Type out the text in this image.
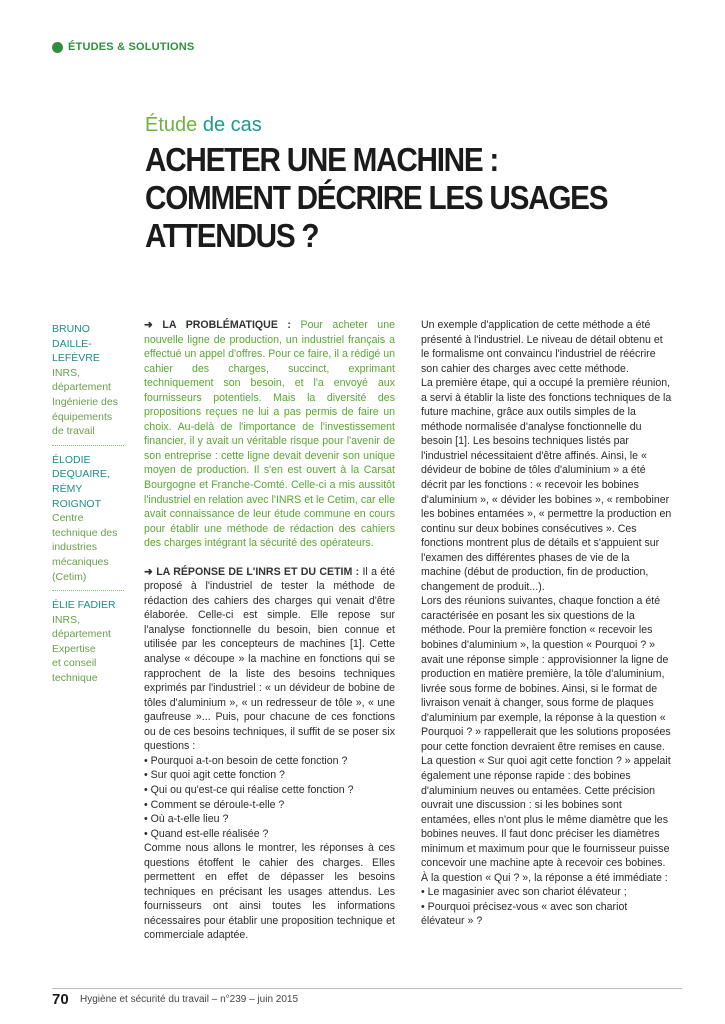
ÉTUDES & SOLUTIONS
Étude de cas
ACHETER UNE MACHINE :
COMMENT DÉCRIRE LES USAGES
ATTENDUS ?
BRUNO
DAILLE-
LEFÈVRE
INRS,
département
Ingénierie des
équipements
de travail
ÉLODIE
DEQUAIRE,
RÉMY
ROIGNOT
Centre
technique des
industries
mécaniques
(Cetim)
ÉLIE FADIER
INRS,
département
Expertise
et conseil
technique

➜ LA PROBLÉMATIQUE : Pour acheter une nouvelle ligne de production, un industriel français a effectué un appel d'offres. Pour ce faire, il a rédigé un cahier des charges, succinct, exprimant techniquement son besoin, et l'a envoyé aux fournisseurs potentiels. Mais la diversité des propositions reçues ne lui a pas permis de faire un choix. Au-delà de l'importance de l'investissement financier, il y avait un véritable risque pour l'avenir de son entreprise : cette ligne devait devenir son unique moyen de production. Il s'en est ouvert à la Carsat Bourgogne et Franche-Comté. Celle-ci a mis aussitôt l'industriel en relation avec l'INRS et le Cetim, car elle avait connaissance de leur étude commune en cours pour établir une méthode de rédaction des cahiers des charges intégrant la sécurité des opérateurs.

➜ LA RÉPONSE DE L'INRS ET DU CETIM : Il a été proposé à l'industriel de tester la méthode de rédaction des cahiers des charges qui venait d'être élaborée. Celle-ci est simple. Elle repose sur l'analyse fonctionnelle du besoin, bien connue et utilisée par les concepteurs de machines [1]. Cette analyse « découpe » la machine en fonctions qui se rapprochent de la liste des besoins techniques exprimés par l'industriel : « un dévideur de bobine de tôles d'aluminium », « un redresseur de tôle », « une gaufreuse »... Puis, pour chacune de ces fonctions ou de ces besoins techniques, il suffit de se poser six questions :

• Pourquoi a-t-on besoin de cette fonction ?
• Sur quoi agit cette fonction ?
• Qui ou qu'est-ce qui réalise cette fonction ?
• Comment se déroule-t-elle ?
• Où a-t-elle lieu ?
• Quand est-elle réalisée ?

Comme nous allons le montrer, les réponses à ces questions étoffent le cahier des charges. Elles permettent en effet de dépasser les besoins techniques en précisant les usages attendus. Les fournisseurs ont ainsi toutes les informations nécessaires pour établir une proposition technique et commerciale adaptée.

Un exemple d'application de cette méthode a été présenté à l'industriel. Le niveau de détail obtenu et le formalisme ont convaincu l'industriel de réécrire son cahier des charges avec cette méthode.

La première étape, qui a occupé la première réunion, a servi à établir la liste des fonctions techniques de la future machine, grâce aux outils simples de la méthode normalisée d'analyse fonctionnelle du besoin [1]. Les besoins techniques listés par l'industriel nécessitaient d'être affinés. Ainsi, le « dévideur de bobine de tôles d'aluminium » a été décrit par les fonctions : « recevoir les bobines d'aluminium », « dévider les bobines », « rembobiner les bobines entamées », « permettre la production en continu sur deux bobines consécutives ». Ces fonctions montrent plus de détails et s'appuient sur l'examen des différentes phases de vie de la machine (début de production, fin de production, changement de produit...).

Lors des réunions suivantes, chaque fonction a été caractérisée en posant les six questions de la méthode. Pour la première fonction « recevoir les bobines d'aluminium », la question « Pourquoi ? » avait une réponse simple : approvisionner la ligne de production en matière première, la tôle d'aluminium, livrée sous forme de bobines. Ainsi, si le format de livraison venait à changer, sous forme de plaques d'aluminium par exemple, la réponse à la question « Pourquoi ? » rappellerait que les solutions proposées pour cette fonction devraient être remises en cause.

La question « Sur quoi agit cette fonction ? » appelait également une réponse rapide : des bobines d'aluminium neuves ou entamées. Cette précision ouvrait une discussion : si les bobines sont entamées, elles n'ont plus le même diamètre que les bobines neuves. Il faut donc préciser les diamètres minimum et maximum pour que le fournisseur puisse concevoir une machine apte à recevoir ces bobines.

À la question « Qui ? », la réponse a été immédiate :

• Le magasinier avec son chariot élévateur ;
• Pourquoi précisez-vous « avec son chariot élévateur » ?
70 Hygiène et sécurité du travail – n°239 – juin 2015
